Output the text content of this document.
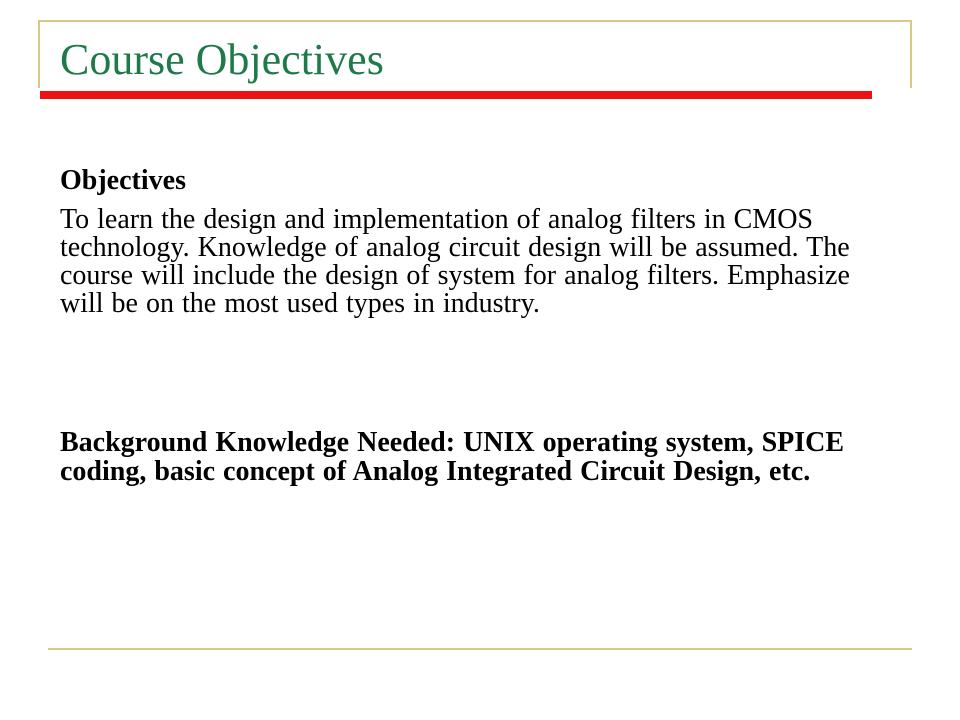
Course Objectives

Objectives

To learn the design and implementation of analog filters in CMOS technology. Knowledge of analog circuit design will be assumed. The course will include the design of system for analog filters. Emphasize will be on the most used types in industry.

Background Knowledge Needed: UNIX operating system, SPICE coding, basic concept of Analog Integrated Circuit Design, etc.
